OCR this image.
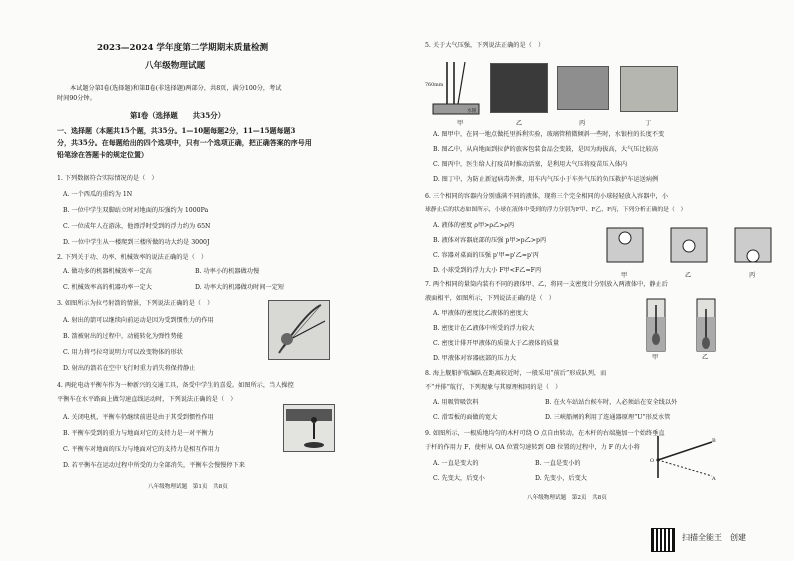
2023—2024 学年度第二学期期末质量检测
八年级物理试题
本试题分第Ⅰ卷(选择题)和第Ⅱ卷(非选择题)两部分，共8页，满分100分，考试
时间90分钟。
第Ⅰ卷（选择题　　共35分）
一、选择题（本题共15个题，共35分。1—10题每题2分，11—15题每题3
分，共35分。在每题给出的四个选项中，只有一个选项正确，把正确答案的序号用
铅笔涂在答题卡的规定位置）
1. 下列数据符合实际情况的是（　）
A. 一个西瓜的重约为 1N
B. 一位中学生双脚站立时对地面的压强约为 1000Pa
C. 一位成年人在游泳，他漂浮时受到的浮力约为 65N
D. 一位中学生从一楼爬到三楼所做的功大约是 3000J
2. 下列关于功、功率、机械效率的说法正确的是（　）
A. 做功多的机器机械效率一定高	B. 功率小的机器做功慢
C. 机械效率高的机器功率一定大	D. 功率大的机器做功时间一定短
3. 如图所示为拉弓射箭的情景，下列说法正确的是（　）
A. 射出的箭可以继续向前运动是因为受到惯性力的作用
B. 箭被射出的过程中，动能转化为弹性势能
C. 用力将弓拉弯说明力可以改变物体的形状
D. 射出的箭若在空中飞行时重力消失将保持静止
4. 两轮电动平衡车作为一种新兴的交通工具，备受中学生的喜爱。如图所示，当人操控
平衡车在水平路面上做匀速直线运动时，下列说法正确的是（　）
A. 关闭电机，平衡车仍继续前进是由于其受到惯性作用
B. 平衡车受到的重力与地面对它的支持力是一对平衡力
C. 平衡车对地面的压力与地面对它的支持力是相互作用力
D. 若平衡车在运动过程中所受的力全部消失，平衡车会慢慢停下来
八年级物理试题　第1页　共8页
5. 关于大气压强，下列说法正确的是（　）
760mm
水银
甲	乙	丙	丁
A. 图甲中，在同一地点做托里拆利实验，玻璃管稍微倾斜一些时，水银柱的长度不变
B. 图乙中，从向地面到拉萨的旅客包装食品会变鼓，是因为海拔高，大气压比较高
C. 图丙中，医生给人打疫苗时推动活塞，是利用大气压将疫苗压入体内
D. 图丁中，为防止新冠病毒外泄，用车内气压小于车外气压的负压救护车运送病例
6. 三个相同的容器内分别盛满不同的液体，现将三个完全相同的小球轻轻放入容器中，小
球静止后的状态如图所示，小球在液体中受到的浮力分别为F甲、F乙、F丙，下列分析正确的是（　）
A. 液体的密度 ρ甲>ρ乙>ρ丙
B. 液体对容器底部的压强 p甲>p乙>p丙
C. 容器对桌面的压强 p'甲=p'乙=p'丙
D. 小球受到的浮力大小 F甲<F乙=F丙
甲	乙	丙
7. 两个相同的量筒内装有不同的液体甲、乙，将同一支密度计分别放入两液体中，静止后
液面相平，如图所示，下列说法正确的是（　）
A. 甲液体的密度比乙液体的密度大
B. 密度计在乙液体中所受的浮力较大
C. 密度计排开甲液体的质量大于乙液体的质量
D. 甲液体对容器底部的压力大	甲	乙
8. 海上舰船护航编队在距离较近时，一般采用“前后”形成队列，而
不“并排”航行，下列现象与其原理相同的是（　）
A. 用吸管吸饮料	B. 在火车站站台候车时，人必须站在安全线以外
C. 滑雪板的面做的宽大	D. 三峡船闸的利用了连通器原理“U”形反水管
9. 如图所示，一根质地均匀的木杆可绕 O 点自由转动，在木杆的右端施加一个始终垂直
于杆的作用力 F，使杆从 OA 位置匀速转到 OB 位置的过程中，力 F 的大小将
A. 一直是变大的	B. 一直是变小的
C. 先变大，后变小	D. 先变小，后变大
B
O
A
八年级物理试题　第2页　共8页
扫描全能王　创建
